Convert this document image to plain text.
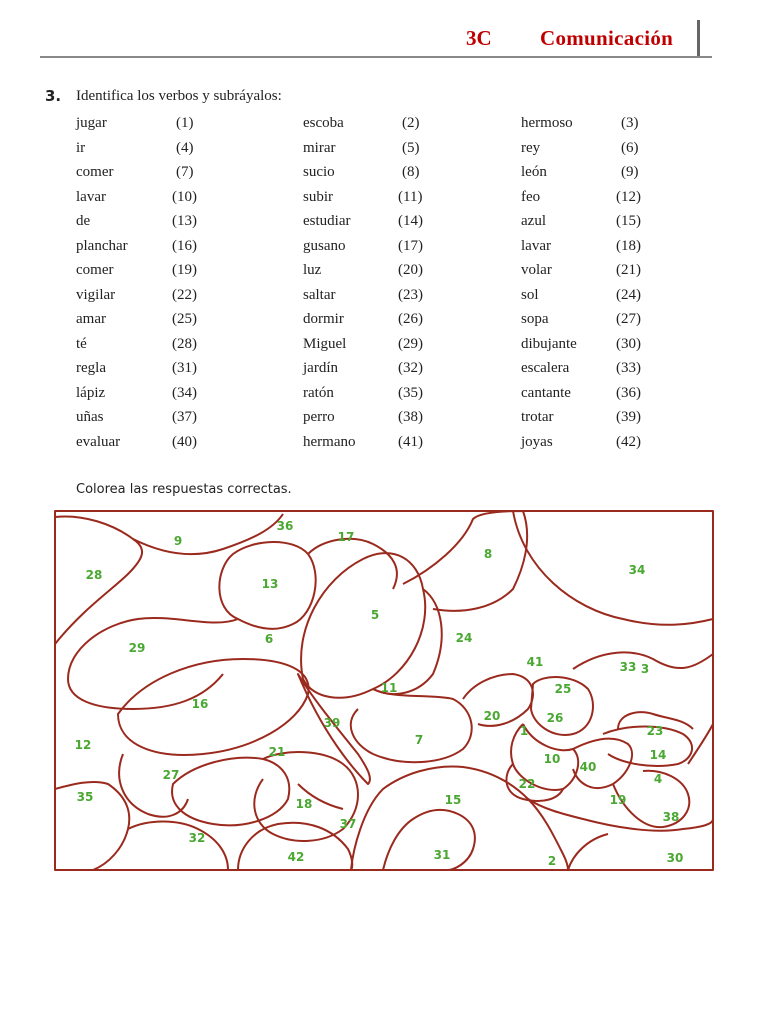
3C Comunicación
3. Identifica los verbos y subráyalos:
jugar	(1)	escoba	(2)	hermoso	(3)
ir	(4)	mirar	(5)	rey	(6)
comer	(7)	sucio	(8)	león	(9)
lavar	(10)	subir	(11)	feo	(12)
de	(13)	estudiar	(14)	azul	(15)
planchar	(16)	gusano	(17)	lavar	(18)
comer	(19)	luz	(20)	volar	(21)
vigilar	(22)	saltar	(23)	sol	(24)
amar	(25)	dormir	(26)	sopa	(27)
té	(28)	Miguel	(29)	dibujante	(30)
regla	(31)	jardín	(32)	escalera	(33)
lápiz	(34)	ratón	(35)	cantante	(36)
uñas	(37)	perro	(38)	trotar	(39)
evaluar	(40)	hermano	(41)	joyas	(42)
Colorea las respuestas correctas.
1
2
3
4
5
6
7
8
9
10
11
12
13
14
15
16
17
18	19
20
21
22
23
24
25
26
27
28
29
30
31
32
33
34
35
36
37	38
39
40
41
42
